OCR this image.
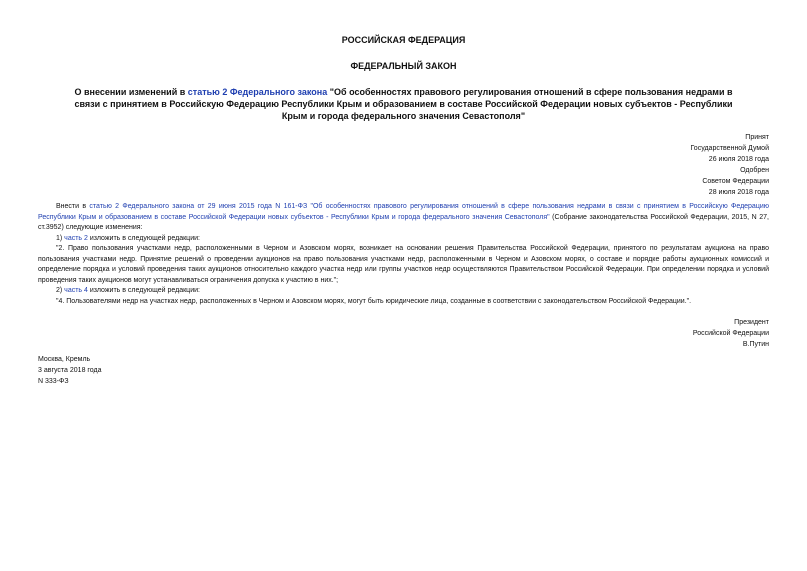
РОССИЙСКАЯ ФЕДЕРАЦИЯ
ФЕДЕРАЛЬНЫЙ ЗАКОН
О внесении изменений в статью 2 Федерального закона "Об особенностях правового регулирования отношений в сфере пользования недрами в связи с принятием в Российскую Федерацию Республики Крым и образованием в составе Российской Федерации новых субъектов - Республики Крым и города федерального значения Севастополя"
Принят
Государственной Думой
26 июля 2018 года
Одобрен
Советом Федерации
28 июля 2018 года

Внести в статью 2 Федерального закона от 29 июня 2015 года N 161-ФЗ "Об особенностях правового регулирования отношений в сфере пользования недрами в связи с принятием в Российскую Федерацию Республики Крым и образованием в составе Российской Федерации новых субъектов - Республики Крым и города федерального значения Севастополя" (Собрание законодательства Российской Федерации, 2015, N 27, ст.3952) следующие изменения:

1) часть 2 изложить в следующей редакции:

"2. Право пользования участками недр, расположенными в Черном и Азовском морях, возникает на основании решения Правительства Российской Федерации, принятого по результатам аукциона на право пользования участками недр. Принятие решений о проведении аукционов на право пользования участками недр, расположенными в Черном и Азовском морях, о составе и порядке работы аукционных комиссий и определение порядка и условий проведения таких аукционов относительно каждого участка недр или группы участков недр осуществляются Правительством Российской Федерации. При определении порядка и условий проведения таких аукционов могут устанавливаться ограничения допуска к участию в них.";

2) часть 4 изложить в следующей редакции:

"4. Пользователями недр на участках недр, расположенных в Черном и Азовском морях, могут быть юридические лица, созданные в соответствии с законодательством Российской Федерации.".

Президент
Российской Федерации
В.Путин
Москва, Кремль
3 августа 2018 года
N 333-ФЗ
